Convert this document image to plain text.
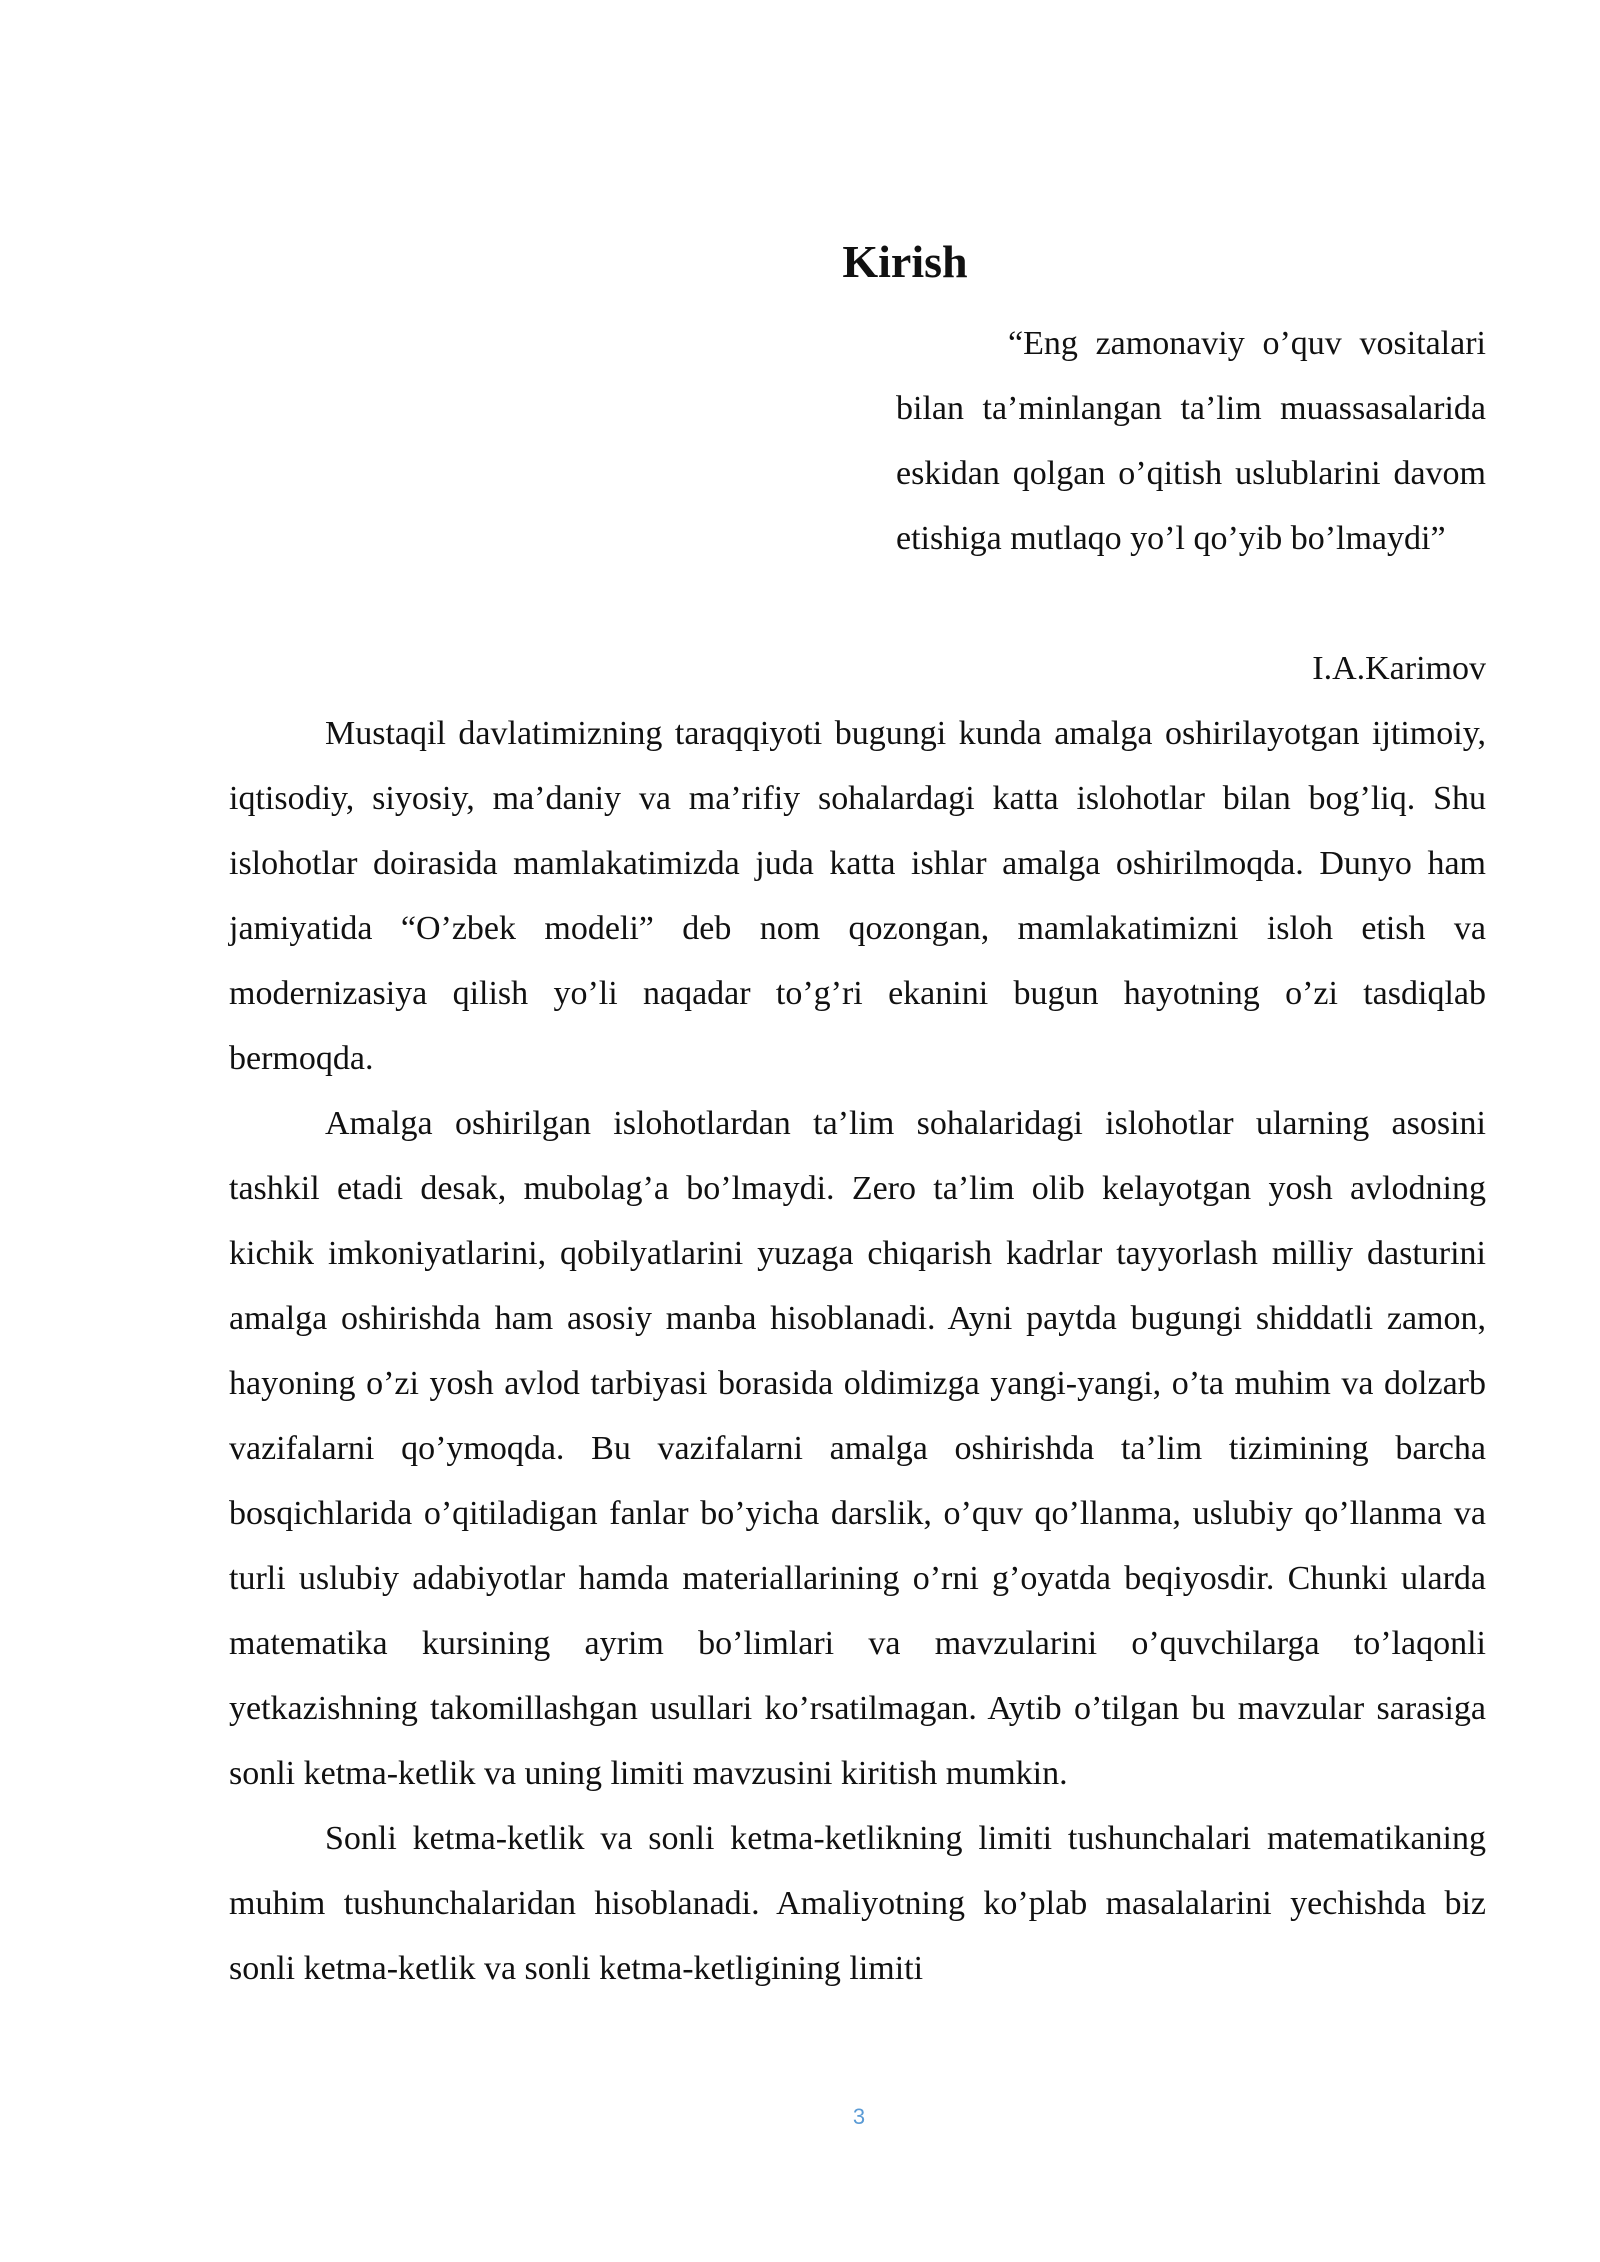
Kirish

“Eng zamonaviy o’quv vositalari bilan ta’minlangan ta’lim muassasalarida eskidan qolgan o’qitish uslublarini davom etishiga mutlaqo yo’l qo’yib bo’lmaydi”

I.A.Karimov

Mustaqil davlatimizning taraqqiyoti bugungi kunda amalga oshirilayotgan ijtimoiy, iqtisodiy, siyosiy, ma’daniy va ma’rifiy sohalardagi katta islohotlar bilan bog’liq. Shu islohotlar doirasida mamlakatimizda juda katta ishlar amalga oshirilmoqda. Dunyo ham jamiyatida “O’zbek modeli” deb nom qozongan, mamlakatimizni isloh etish va modernizasiya qilish yo’li naqadar to’g’ri ekanini bugun hayotning o’zi tasdiqlab bermoqda.

Amalga oshirilgan islohotlardan ta’lim sohalaridagi islohotlar ularning asosini tashkil etadi desak, mubolag’a bo’lmaydi. Zero ta’lim olib kelayotgan yosh avlodning kichik imkoniyatlarini, qobilyatlarini yuzaga chiqarish kadrlar tayyorlash milliy dasturini amalga oshirishda ham asosiy manba hisoblanadi. Ayni paytda bugungi shiddatli zamon, hayoning o’zi yosh avlod tarbiyasi borasida oldimizga yangi-yangi, o’ta muhim va dolzarb vazifalarni qo’ymoqda. Bu vazifalarni amalga oshirishda ta’lim tizimining barcha bosqichlarida o’qitiladigan fanlar bo’yicha darslik, o’quv qo’llanma, uslubiy qo’llanma va turli uslubiy adabiyotlar hamda materiallarining o’rni g’oyatda beqiyosdir. Chunki ularda matematika kursining ayrim bo’limlari va mavzularini o’quvchilarga to’laqonli yetkazishning takomillashgan usullari ko’rsatilmagan. Aytib o’tilgan bu mavzular sarasiga sonli ketma-ketlik va uning limiti mavzusini kiritish mumkin.

Sonli ketma-ketlik va sonli ketma-ketlikning limiti tushunchalari matematikaning muhim tushunchalaridan hisoblanadi. Amaliyotning ko’plab masalalarini yechishda biz sonli ketma-ketlik va sonli ketma-ketligining limiti

3
